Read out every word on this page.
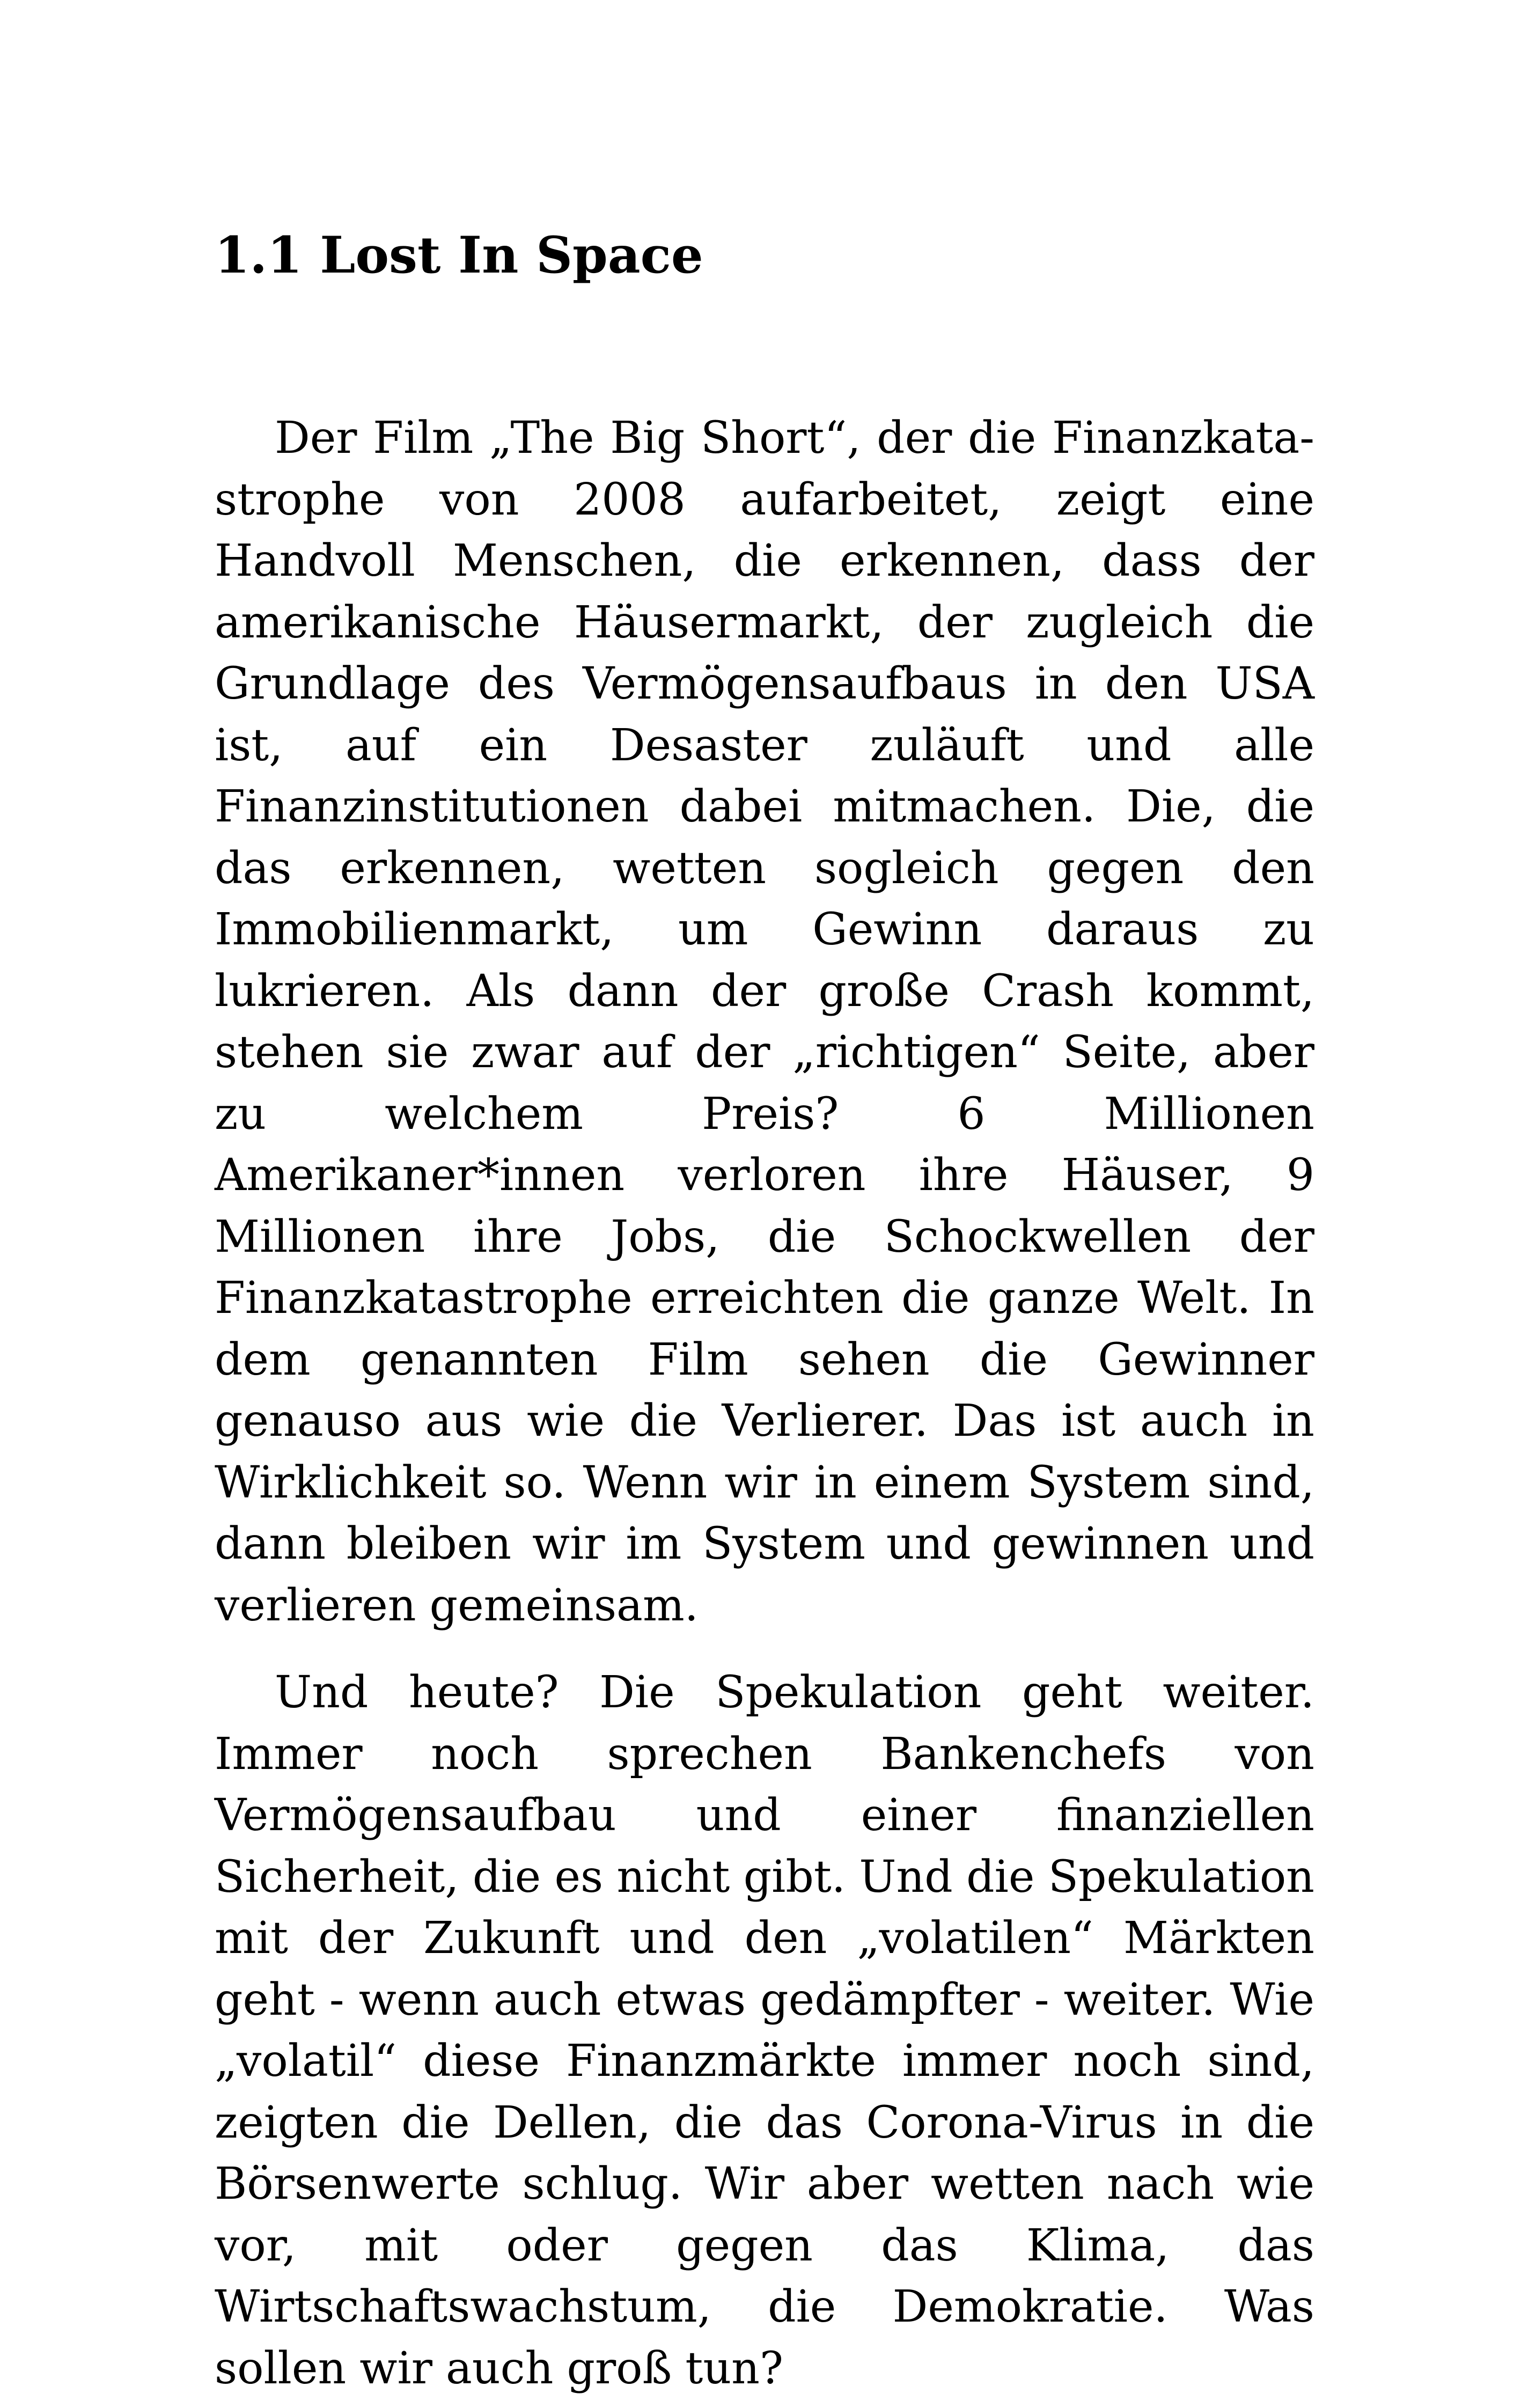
1.1 Lost In Space

Der Film „The Big Short“, der die Finanzkatastrophe von 2008 aufarbeitet, zeigt eine Handvoll Menschen, die erkennen, dass der amerikanische Häusermarkt, der zugleich die Grundlage des Vermögensaufbaus in den USA ist, auf ein Desaster zuläuft und alle Finanzinstitutionen dabei mitmachen. Die, die das erkennen, wetten sogleich gegen den Immobilienmarkt, um Gewinn daraus zu lukrieren. Als dann der große Crash kommt, stehen sie zwar auf der „richtigen“ Seite, aber zu welchem Preis? 6 Millionen Amerikaner*innen verloren ihre Häuser, 9 Millionen ihre Jobs, die Schockwellen der Finanzkatastrophe erreichten die ganze Welt. In dem genannten Film sehen die Gewinner genauso aus wie die Verlierer. Das ist auch in Wirklichkeit so. Wenn wir in einem System sind, dann bleiben wir im System und gewinnen und verlieren gemeinsam.

Und heute? Die Spekulation geht weiter. Immer noch sprechen Bankenchefs von Vermögensaufbau und einer finanziellen Sicherheit, die es nicht gibt. Und die Spekulation mit der Zukunft und den „volatilen“ Märkten geht - wenn auch etwas gedämpfter - weiter. Wie „volatil“ diese Finanzmärkte immer noch sind, zeigten die Dellen, die das Corona-Virus in die Börsenwerte schlug. Wir aber wetten nach wie vor, mit oder gegen das Klima, das Wirtschaftswachstum, die Demokratie. Was sollen wir auch groß tun?
